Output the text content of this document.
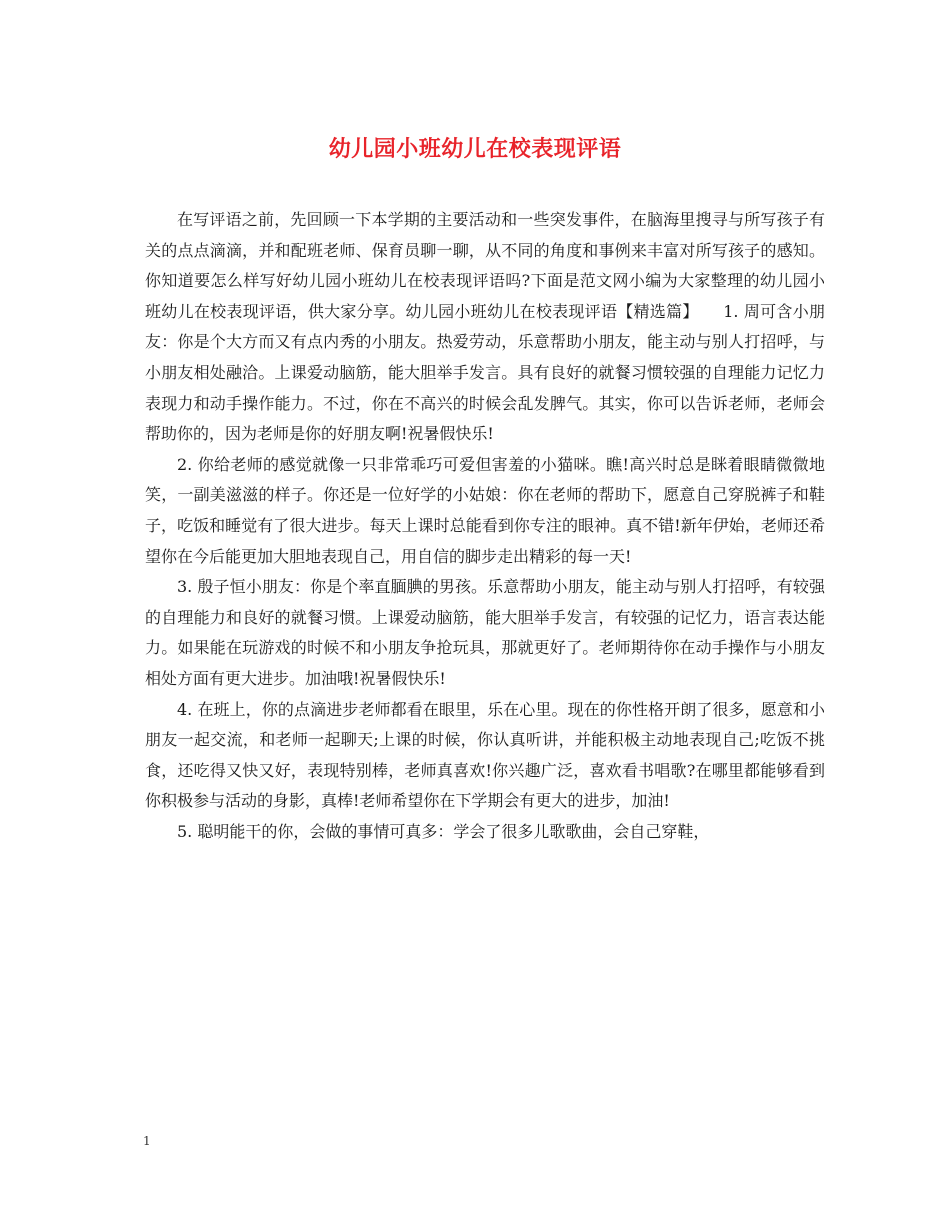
幼儿园小班幼儿在校表现评语

在写评语之前，先回顾一下本学期的主要活动和一些突发事件，在脑海里搜寻与所写孩子有关的点点滴滴，并和配班老师、保育员聊一聊，从不同的角度和事例来丰富对所写孩子的感知。你知道要怎么样写好幼儿园小班幼儿在校表现评语吗?下面是范文网小编为大家整理的幼儿园小班幼儿在校表现评语，供大家分享。幼儿园小班幼儿在校表现评语【精选篇】　　1. 周可含小朋友：你是个大方而又有点内秀的小朋友。热爱劳动，乐意帮助小朋友，能主动与别人打招呼，与小朋友相处融洽。上课爱动脑筋，能大胆举手发言。具有良好的就餐习惯较强的自理能力记忆力表现力和动手操作能力。不过，你在不高兴的时候会乱发脾气。其实，你可以告诉老师，老师会帮助你的，因为老师是你的好朋友啊!祝暑假快乐!

2. 你给老师的感觉就像一只非常乖巧可爱但害羞的小猫咪。瞧!高兴时总是眯着眼睛微微地笑，一副美滋滋的样子。你还是一位好学的小姑娘：你在老师的帮助下，愿意自己穿脱裤子和鞋子，吃饭和睡觉有了很大进步。每天上课时总能看到你专注的眼神。真不错!新年伊始，老师还希望你在今后能更加大胆地表现自己，用自信的脚步走出精彩的每一天!

3. 殷子恒小朋友：你是个率直腼腆的男孩。乐意帮助小朋友，能主动与别人打招呼，有较强的自理能力和良好的就餐习惯。上课爱动脑筋，能大胆举手发言，有较强的记忆力，语言表达能力。如果能在玩游戏的时候不和小朋友争抢玩具，那就更好了。老师期待你在动手操作与小朋友相处方面有更大进步。加油哦!祝暑假快乐!

4. 在班上，你的点滴进步老师都看在眼里，乐在心里。现在的你性格开朗了很多，愿意和小朋友一起交流，和老师一起聊天;上课的时候，你认真听讲，并能积极主动地表现自己;吃饭不挑食，还吃得又快又好，表现特别棒，老师真喜欢!你兴趣广泛，喜欢看书唱歌?在哪里都能够看到你积极参与活动的身影，真棒!老师希望你在下学期会有更大的进步，加油!

5. 聪明能干的你，会做的事情可真多：学会了很多儿歌歌曲，会自己穿鞋，

1
